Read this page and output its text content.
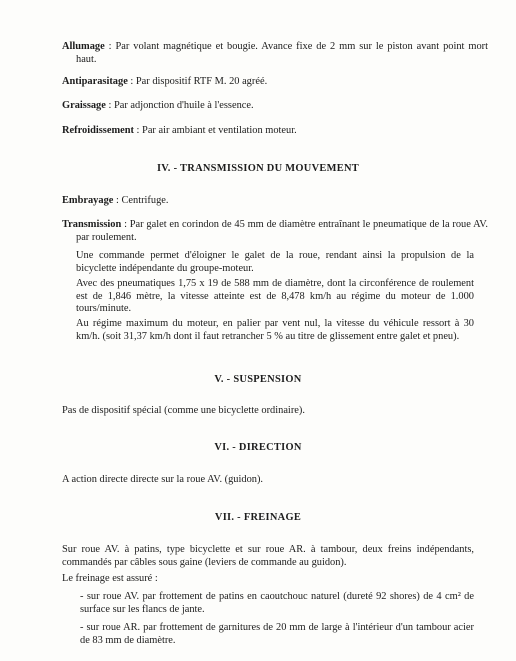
Allumage : Par volant magnétique et bougie. Avance fixe de 2 mm sur le piston avant point mort haut.
Antiparasitage : Par dispositif RTF M. 20 agréé.
Graissage : Par adjonction d'huile à l'essence.
Refroidissement : Par air ambiant et ventilation moteur.
IV. - TRANSMISSION DU MOUVEMENT
Embrayage : Centrifuge.
Transmission : Par galet en corindon de 45 mm de diamètre entraînant le pneumatique de la roue AV. par roulement.
Une commande permet d'éloigner le galet de la roue, rendant ainsi la propulsion de la bicyclette indépendante du groupe-moteur.
Avec des pneumatiques 1,75 x 19 de 588 mm de diamètre, dont la circonférence de roulement est de 1,846 mètre, la vitesse atteinte est de 8,478 km/h au régime du moteur de 1.000 tours/minute.
Au régime maximum du moteur, en palier par vent nul, la vitesse du véhicule ressort à 30 km/h. (soit 31,37 km/h dont il faut retrancher 5 % au titre de glissement entre galet et pneu).
V. - SUSPENSION
Pas de dispositif spécial (comme une bicyclette ordinaire).
VI. - DIRECTION
A action directe directe sur la roue AV. (guidon).
VII. - FREINAGE
Sur roue AV. à patins, type bicyclette et sur roue AR. à tambour, deux freins indépendants, commandés par câbles sous gaine (leviers de commande au guidon).
Le freinage est assuré :
- sur roue AV. par frottement de patins en caoutchouc naturel (dureté 92 shores) de 4 cm² de surface sur les flancs de jante.
- sur roue AR. par frottement de garnitures de 20 mm de large à l'intérieur d'un tambour acier de 83 mm de diamètre.
